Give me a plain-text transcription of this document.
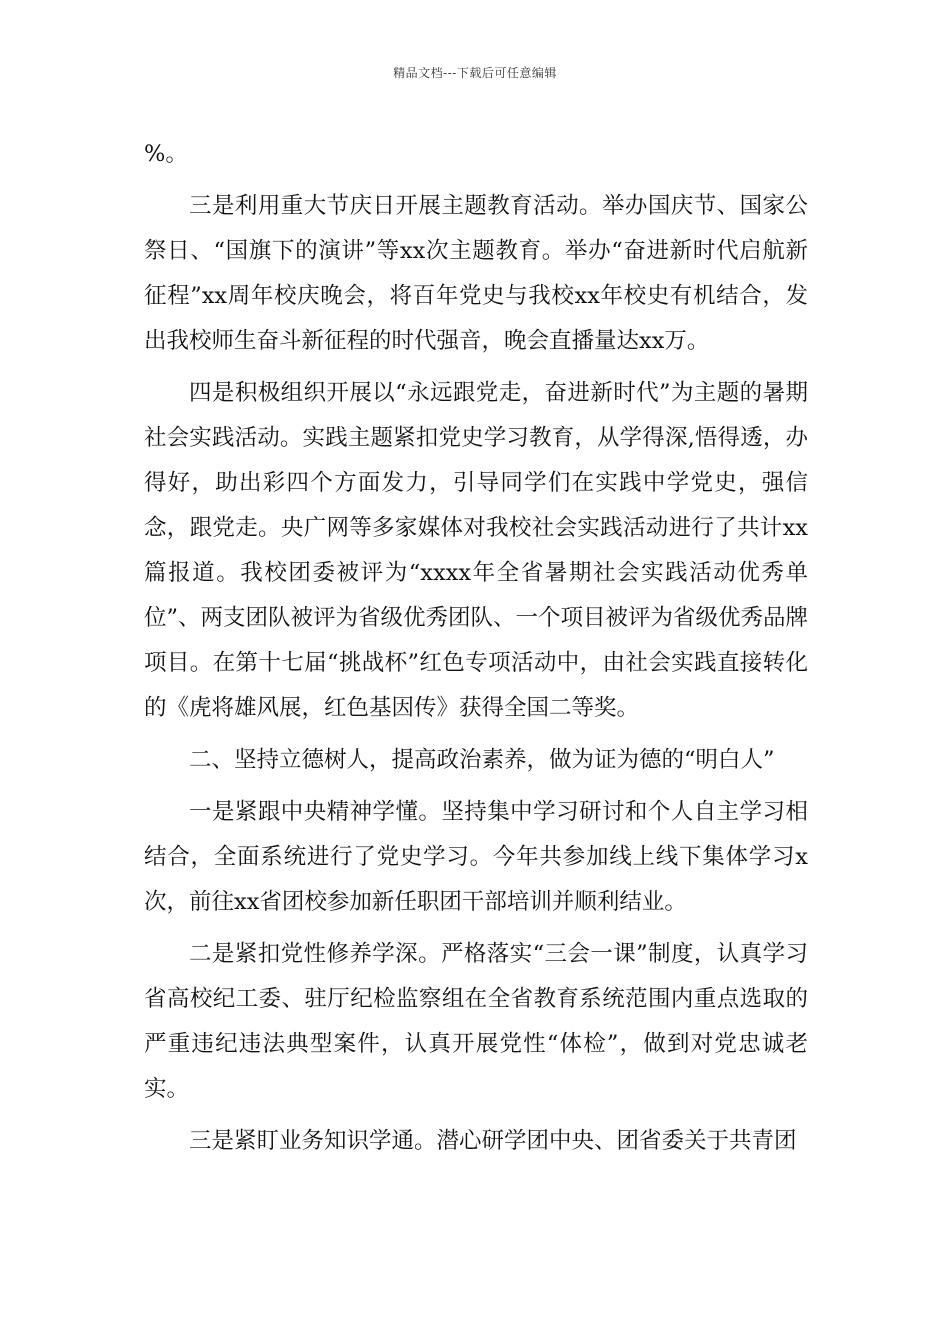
精品文档---下载后可任意编辑

%。

三是利用重大节庆日开展主题教育活动。举办国庆节、国家公祭日、“国旗下的演讲”等xx次主题教育。举办“奋进新时代启航新征程”xx周年校庆晚会，将百年党史与我校xx年校史有机结合，发出我校师生奋斗新征程的时代强音，晚会直播量达xx万。

四是积极组织开展以“永远跟党走，奋进新时代”为主题的暑期社会实践活动。实践主题紧扣党史学习教育，从学得深,悟得透，办得好，助出彩四个方面发力，引导同学们在实践中学党史，强信念，跟党走。央广网等多家媒体对我校社会实践活动进行了共计xx篇报道。我校团委被评为“xxxx年全省暑期社会实践活动优秀单位”、两支团队被评为省级优秀团队、一个项目被评为省级优秀品牌项目。在第十七届“挑战杯”红色专项活动中，由社会实践直接转化的《虎将雄风展，红色基因传》获得全国二等奖。

二、坚持立德树人，提高政治素养，做为证为德的“明白人”

一是紧跟中央精神学懂。坚持集中学习研讨和个人自主学习相结合，全面系统进行了党史学习。今年共参加线上线下集体学习x次，前往xx省团校参加新任职团干部培训并顺利结业。

二是紧扣党性修养学深。严格落实“三会一课”制度，认真学习省高校纪工委、驻厅纪检监察组在全省教育系统范围内重点选取的严重违纪违法典型案件，认真开展党性“体检”，做到对党忠诚老实。

三是紧盯业务知识学通。潜心研学团中央、团省委关于共青团
